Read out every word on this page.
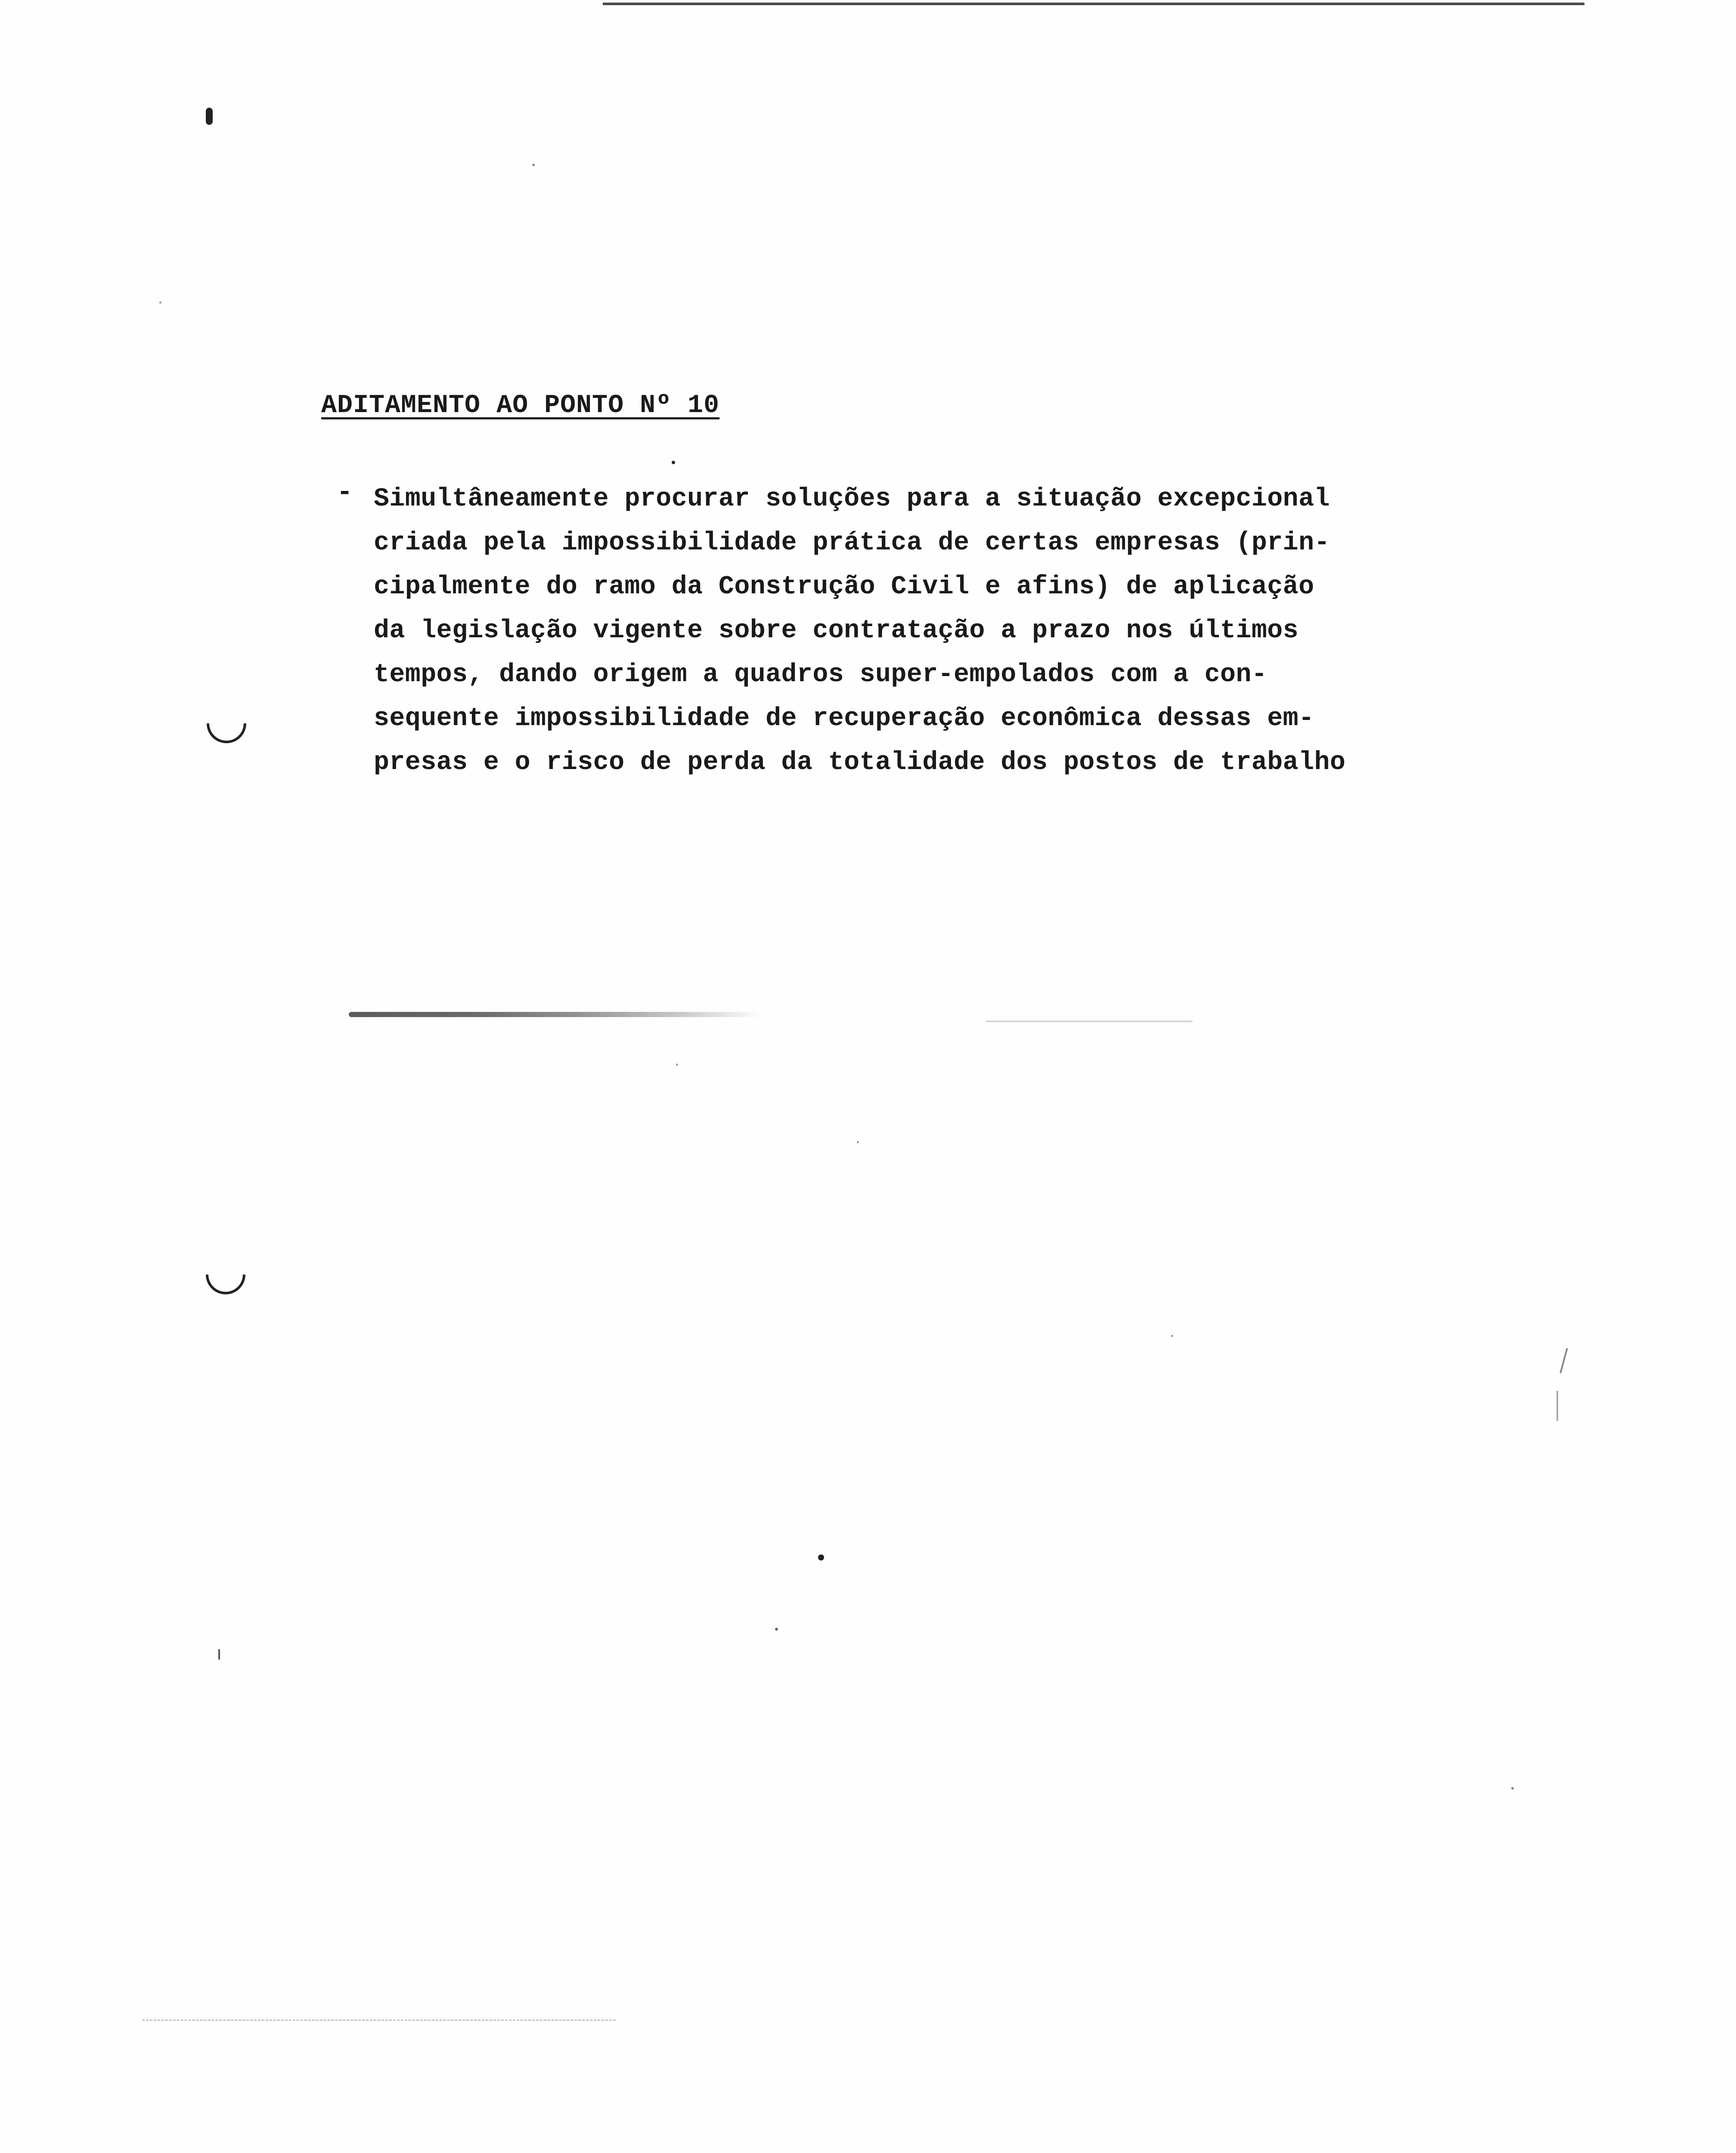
ADITAMENTO AO PONTO Nº 10
- Simultâneamente procurar soluções para a situação excepcional
criada pela impossibilidade prática de certas empresas (prin-
cipalmente do ramo da Construção Civil e afins) de aplicação
da legislação vigente sobre contratação a prazo nos últimos
tempos, dando origem a quadros super-empolados com a con-
sequente impossibilidade de recuperação econômica dessas em-
presas e o risco de perda da totalidade dos postos de trabalho
